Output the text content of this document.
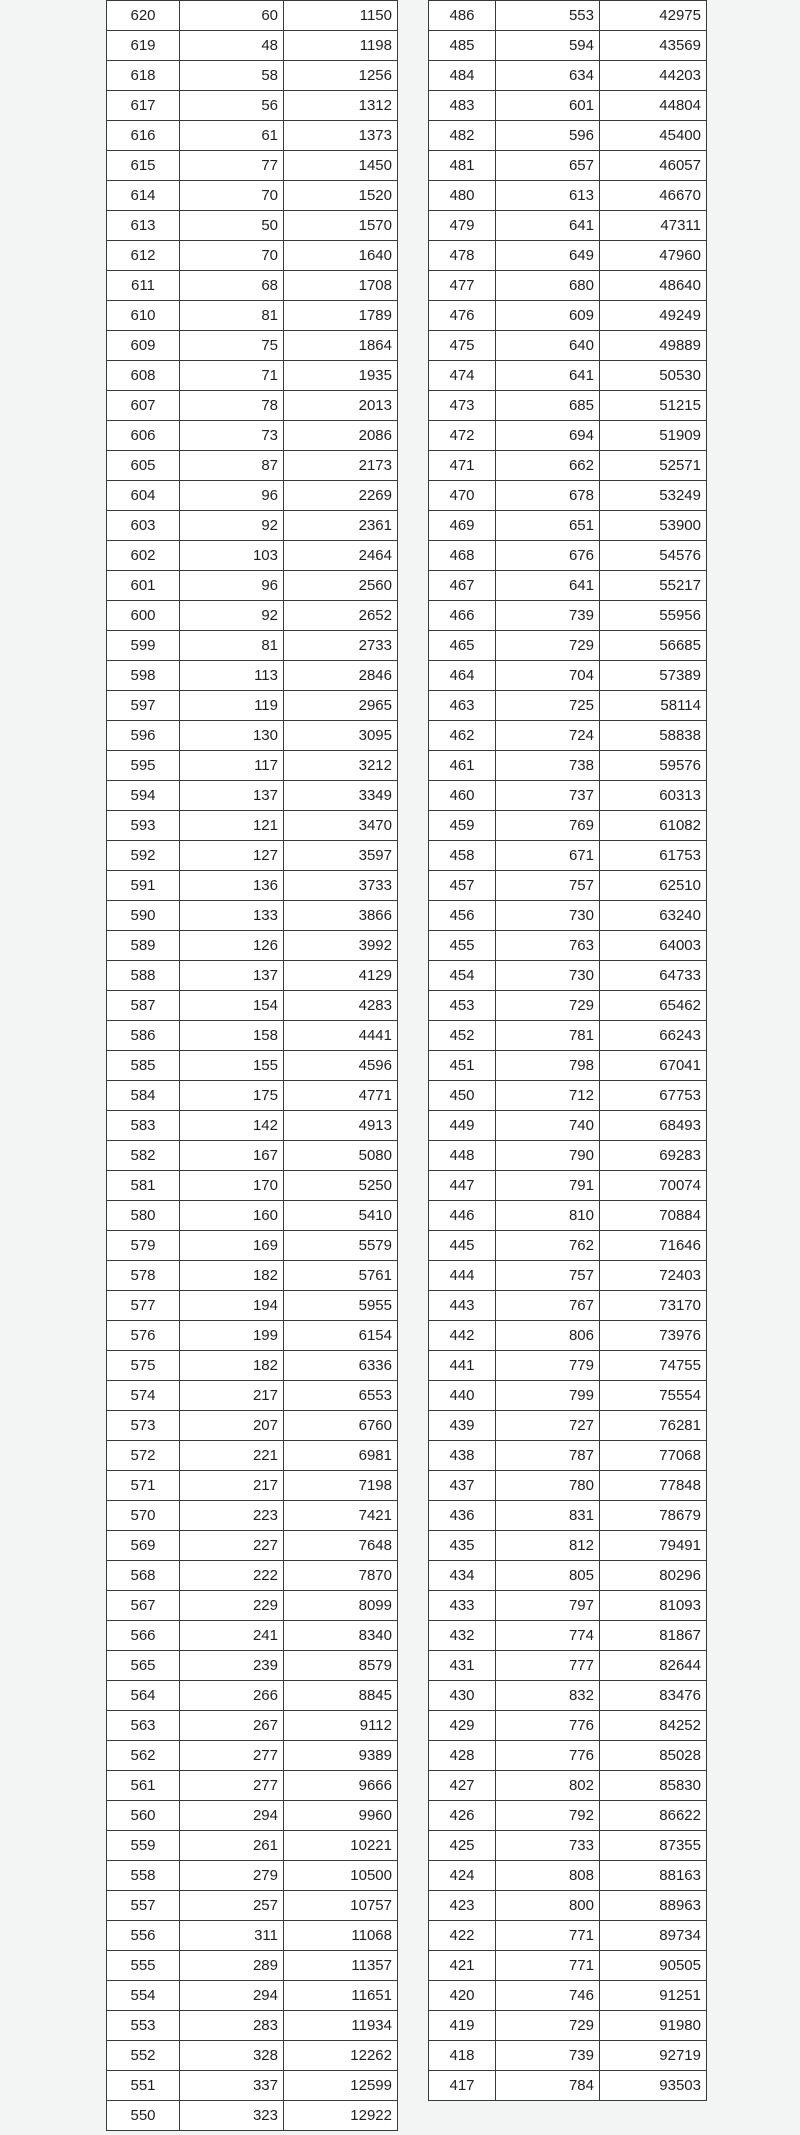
620	60	1150
619	48	1198
618	58	1256
617	56	1312
616	61	1373
615	77	1450
614	70	1520
613	50	1570
612	70	1640
611	68	1708
610	81	1789
609	75	1864
608	71	1935
607	78	2013
606	73	2086
605	87	2173
604	96	2269
603	92	2361
602	103	2464
601	96	2560
600	92	2652
599	81	2733
598	113	2846
597	119	2965
596	130	3095
595	117	3212
594	137	3349
593	121	3470
592	127	3597
591	136	3733
590	133	3866
589	126	3992
588	137	4129
587	154	4283
586	158	4441
585	155	4596
584	175	4771
583	142	4913
582	167	5080
581	170	5250
580	160	5410
579	169	5579
578	182	5761
577	194	5955
576	199	6154
575	182	6336
574	217	6553
573	207	6760
572	221	6981
571	217	7198
570	223	7421
569	227	7648
568	222	7870
567	229	8099
566	241	8340
565	239	8579
564	266	8845
563	267	9112
562	277	9389
561	277	9666
560	294	9960
559	261	10221
558	279	10500
557	257	10757
556	311	11068
555	289	11357
554	294	11651
553	283	11934
552	328	12262
551	337	12599
550	323	12922
486	553	42975
485	594	43569
484	634	44203
483	601	44804
482	596	45400
481	657	46057
480	613	46670
479	641	47311
478	649	47960
477	680	48640
476	609	49249
475	640	49889
474	641	50530
473	685	51215
472	694	51909
471	662	52571
470	678	53249
469	651	53900
468	676	54576
467	641	55217
466	739	55956
465	729	56685
464	704	57389
463	725	58114
462	724	58838
461	738	59576
460	737	60313
459	769	61082
458	671	61753
457	757	62510
456	730	63240
455	763	64003
454	730	64733
453	729	65462
452	781	66243
451	798	67041
450	712	67753
449	740	68493
448	790	69283
447	791	70074
446	810	70884
445	762	71646
444	757	72403
443	767	73170
442	806	73976
441	779	74755
440	799	75554
439	727	76281
438	787	77068
437	780	77848
436	831	78679
435	812	79491
434	805	80296
433	797	81093
432	774	81867
431	777	82644
430	832	83476
429	776	84252
428	776	85028
427	802	85830
426	792	86622
425	733	87355
424	808	88163
423	800	88963
422	771	89734
421	771	90505
420	746	91251
419	729	91980
418	739	92719
417	784	93503
